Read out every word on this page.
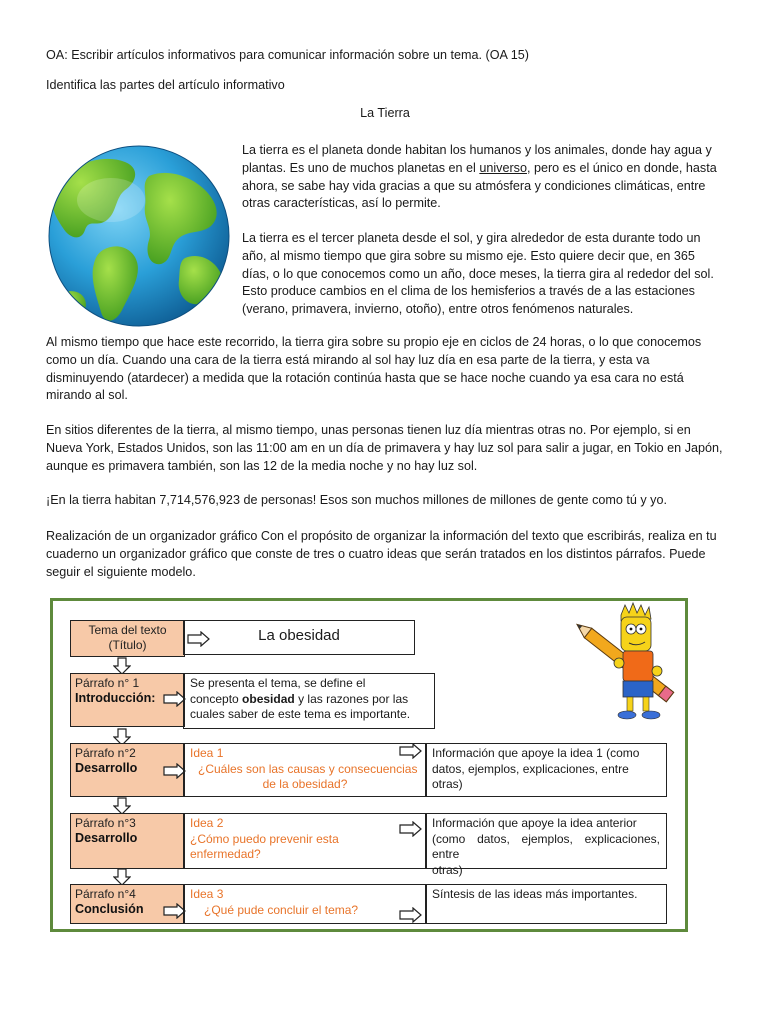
OA: Escribir artículos informativos para comunicar información sobre un tema. (OA 15)
Identifica las partes del artículo informativo
La Tierra
La tierra es el planeta donde habitan los humanos y los animales, donde hay agua y
plantas. Es uno de muchos planetas en el universo, pero es el único en donde, hasta
ahora, se sabe hay vida gracias a que su atmósfera y condiciones climáticas, entre
otras características, así lo permite.
La tierra es el tercer planeta desde el sol, y gira alrededor de esta durante todo un
año, al mismo tiempo que gira sobre su mismo eje. Esto quiere decir que, en 365
días, o lo que conocemos como un año, doce meses, la tierra gira al rededor del sol.
Esto produce cambios en el clima de los hemisferios a través de a las estaciones
(verano, primavera, invierno, otoño), entre otros fenómenos naturales.
Al mismo tiempo que hace este recorrido, la tierra gira sobre su propio eje en ciclos de 24 horas, o lo que conocemos
como un día. Cuando una cara de la tierra está mirando al sol hay luz día en esa parte de la tierra, y esta va
disminuyendo (atardecer) a medida que la rotación continúa hasta que se hace noche cuando ya esa cara no está
mirando al sol.
En sitios diferentes de la tierra, al mismo tiempo, unas personas tienen luz día mientras otras no. Por ejemplo, si en
Nueva York, Estados Unidos, son las 11:00 am en un día de primavera y hay luz sol para salir a jugar, en Tokio en Japón,
aunque es primavera también, son las 12 de la media noche y no hay luz sol.
¡En la tierra habitan 7,714,576,923 de personas! Esos son muchos millones de millones de gente como tú y yo.
Realización de un organizador gráfico Con el propósito de organizar la información del texto que escribirás, realiza en tu
cuaderno un organizador gráfico que conste de tres o cuatro ideas que serán tratados en los distintos párrafos. Puede
seguir el siguiente modelo.
Tema del texto
(Título)
La obesidad
Párrafo n° 1
Introducción:
Se presenta el tema, se define el
concepto obesidad y las razones por las
cuales saber de este tema es importante.
Párrafo n°2
Desarrollo
Idea 1
¿Cuáles son las causas y consecuencias
de la obesidad?
Información que apoye la idea 1 (como
datos, ejemplos, explicaciones, entre otras)
Párrafo n°3
Desarrollo
Idea 2
¿Cómo puedo prevenir esta
enfermedad?
Información que apoye la idea anterior
(como datos, ejemplos, explicaciones, entre
otras)
Párrafo n°4
Conclusión
Idea 3
¿Qué pude concluir el tema?
Síntesis de las ideas más importantes.
